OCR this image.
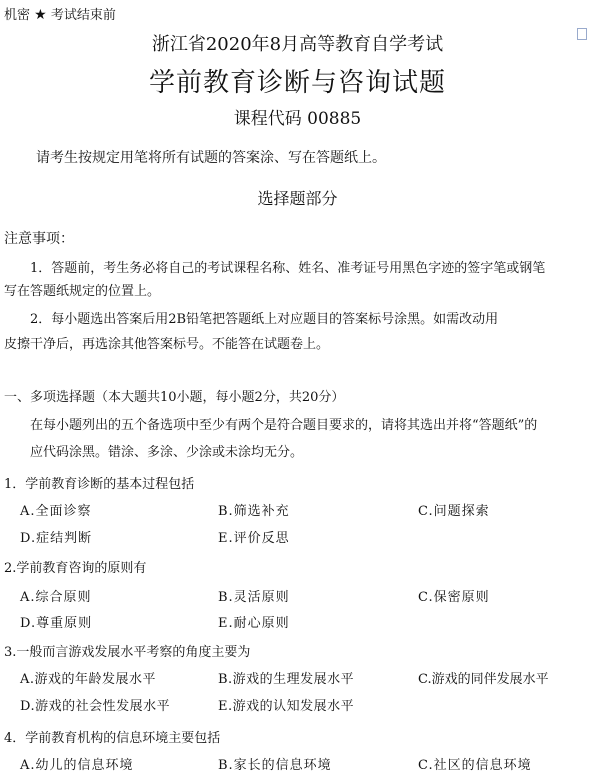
机密 ★ 考试结束前
浙江省2020年8月高等教育自学考试
学前教育诊断与咨询试题
课程代码 00885
请考生按规定用笔将所有试题的答案涂、写在答题纸上。
选择题部分
注意事项：
1．答题前，考生务必将自己的考试课程名称、姓名、准考证号用黑色字迹的签字笔或钢笔
写在答题纸规定的位置上。
2．每小题选出答案后用2B铅笔把答题纸上对应题目的答案标号涂黑。如需改动用
皮擦干净后，再选涂其他答案标号。不能答在试题卷上。
一、多项选择题（本大题共10小题，每小题2分，共20分）
在每小题列出的五个备选项中至少有两个是符合题目要求的，请将其选出并将“答题纸”的
应代码涂黑。错涂、多涂、少涂或未涂均无分。
1．学前教育诊断的基本过程包括
A.全面诊察	B.筛选补充	C.问题探索
D.症结判断	E.评价反思
2.学前教育咨询的原则有
A.综合原则	B.灵活原则	C.保密原则
D.尊重原则	E.耐心原则
3.一般而言游戏发展水平考察的角度主要为
A.游戏的年龄发展水平	B.游戏的生理发展水平	C.游戏的同伴发展水平
D.游戏的社会性发展水平	E.游戏的认知发展水平
4．学前教育机构的信息环境主要包括
A.幼儿的信息环境	B.家长的信息环境	C.社区的信息环境
